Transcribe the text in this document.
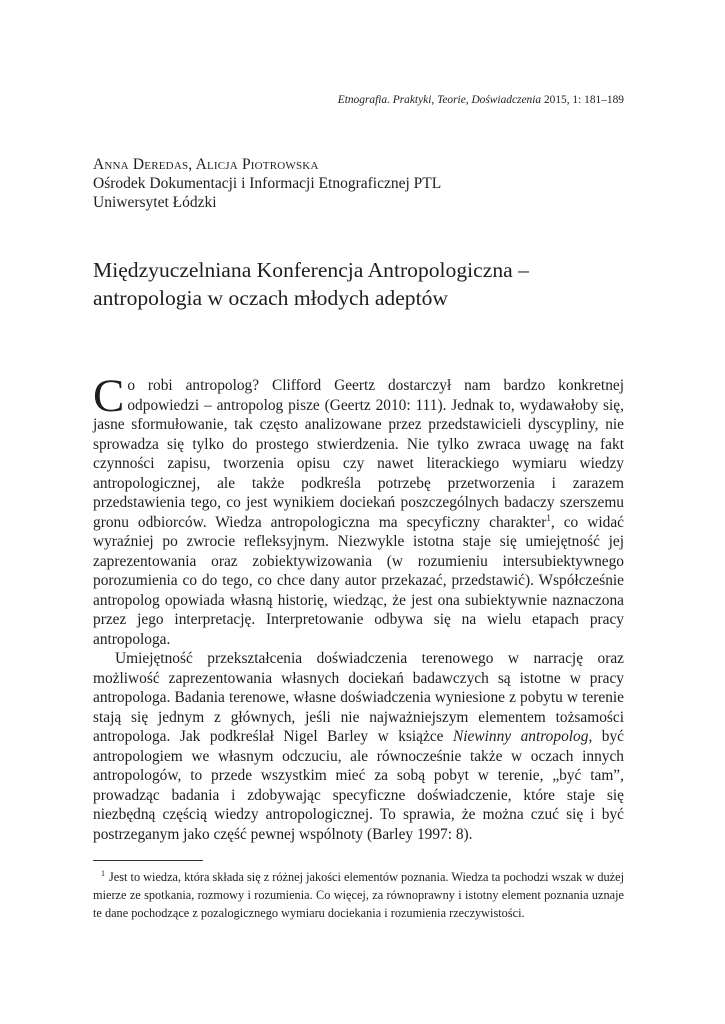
Etnografia. Praktyki, Teorie, Doświadczenia 2015, 1: 181–189
Anna Deredas, Alicja Piotrowska
Ośrodek Dokumentacji i Informacji Etnograficznej PTL
Uniwersytet Łódzki
Międzyuczelniana Konferencja Antropologiczna –
antropologia w oczach młodych adeptów

Co robi antropolog? Clifford Geertz dostarczył nam bardzo konkretnej odpowiedzi – antropolog pisze (Geertz 2010: 111). Jednak to, wydawałoby się, jasne sformułowanie, tak często analizowane przez przedstawicieli dyscypliny, nie sprowadza się tylko do prostego stwierdzenia. Nie tylko zwraca uwagę na fakt czynności zapisu, tworzenia opisu czy nawet literackiego wymiaru wiedzy antropologicznej, ale także podkreśla potrzebę przetworzenia i zarazem przedstawienia tego, co jest wynikiem dociekań poszczególnych badaczy szerszemu gronu odbiorców. Wiedza antropologiczna ma specyficzny charakter$^1$, co widać wyraźniej po zwrocie refleksyjnym. Niezwykle istotna staje się umiejętność jej zaprezentowania oraz zobiektywizowania (w rozumieniu intersubiektywnego porozumienia co do tego, co chce dany autor przekazać, przedstawić). Współcześnie antropolog opowiada własną historię, wiedząc, że jest ona subiektywnie naznaczona przez jego interpretację. Interpretowanie odbywa się na wielu etapach pracy antropologa.

Umiejętność przekształcenia doświadczenia terenowego w narrację oraz możliwość zaprezentowania własnych dociekań badawczych są istotne w pracy antropologa. Badania terenowe, własne doświadczenia wyniesione z pobytu w terenie stają się jednym z głównych, jeśli nie najważniejszym elementem tożsamości antropologa. Jak podkreślał Nigel Barley w książce Niewinny antropolog, być antropologiem we własnym odczuciu, ale równocześnie także w oczach innych antropologów, to przede wszystkim mieć za sobą pobyt w terenie, „być tam”, prowadząc badania i zdobywając specyficzne doświadczenie, które staje się niezbędną częścią wiedzy antropologicznej. To sprawia, że można czuć się i być postrzeganym jako część pewnej wspólnoty (Barley 1997: 8).

$^1$ Jest to wiedza, która składa się z różnej jakości elementów poznania. Wiedza ta pochodzi wszak w dużej mierze ze spotkania, rozmowy i rozumienia. Co więcej, za równoprawny i istotny element poznania uznaje te dane pochodzące z pozalogicznego wymiaru dociekania i rozumienia rzeczywistości.
